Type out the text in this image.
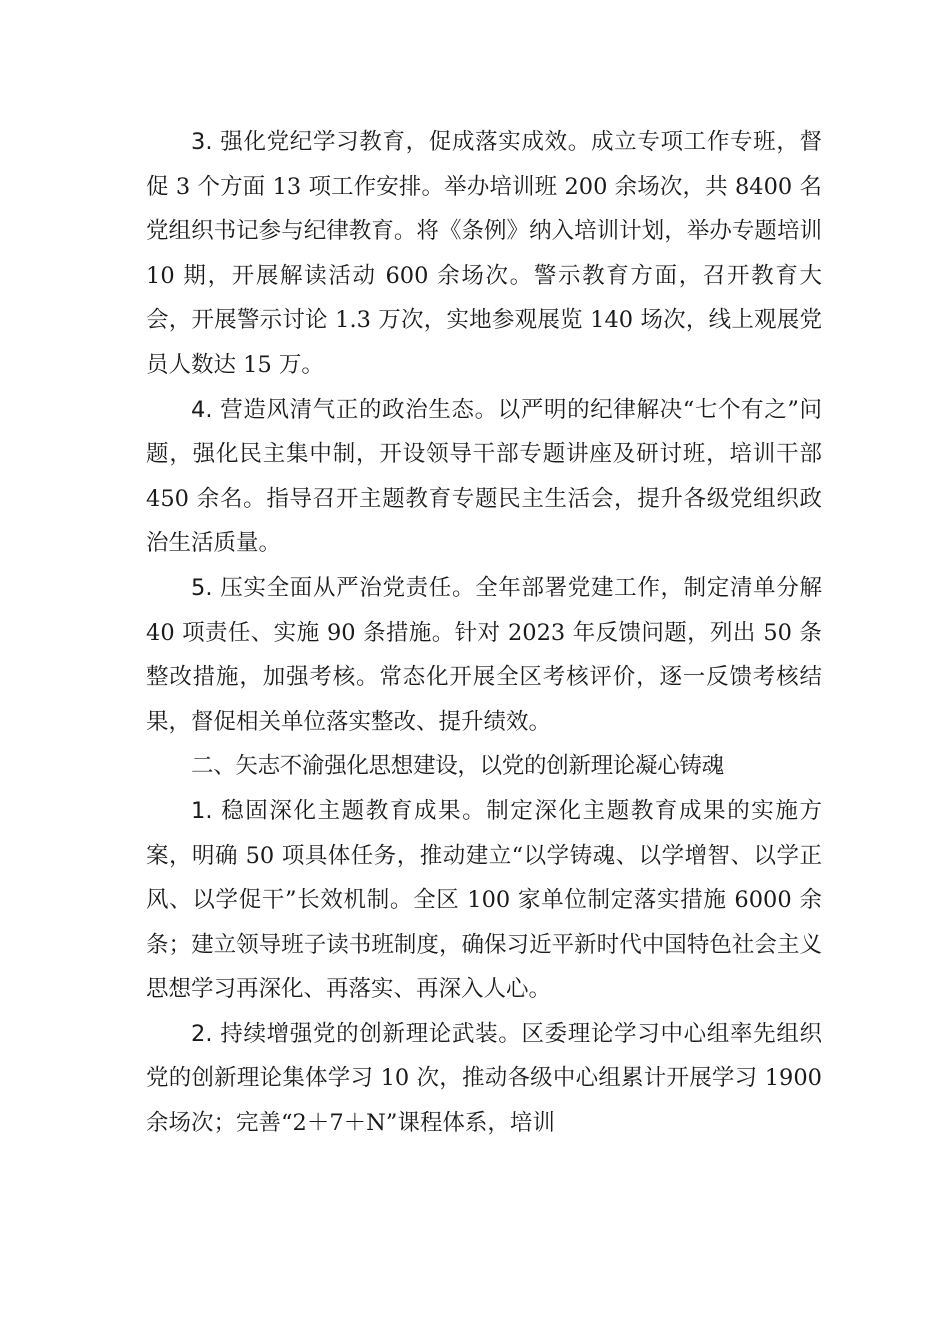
3. 强化党纪学习教育，促成落实成效。成立专项工作专班，督促 3 个方面 13 项工作安排。举办培训班 200 余场次，共 8400 名党组织书记参与纪律教育。将《条例》纳入培训计划，举办专题培训 10 期，开展解读活动 600 余场次。警示教育方面，召开教育大会，开展警示讨论 1.3 万次，实地参观展览 140 场次，线上观展党员人数达 15 万。

4. 营造风清气正的政治生态。以严明的纪律解决“七个有之”问题，强化民主集中制，开设领导干部专题讲座及研讨班，培训干部 450 余名。指导召开主题教育专题民主生活会，提升各级党组织政治生活质量。

5. 压实全面从严治党责任。全年部署党建工作，制定清单分解 40 项责任、实施 90 条措施。针对 2023 年反馈问题，列出 50 条整改措施，加强考核。常态化开展全区考核评价，逐一反馈考核结果，督促相关单位落实整改、提升绩效。

二、矢志不渝强化思想建设，以党的创新理论凝心铸魂

1. 稳固深化主题教育成果。制定深化主题教育成果的实施方案，明确 50 项具体任务，推动建立“以学铸魂、以学增智、以学正风、以学促干”长效机制。全区 100 家单位制定落实措施 6000 余条；建立领导班子读书班制度，确保习近平新时代中国特色社会主义思想学习再深化、再落实、再深入人心。

2. 持续增强党的创新理论武装。区委理论学习中心组率先组织党的创新理论集体学习 10 次，推动各级中心组累计开展学习 1900 余场次；完善“2＋7＋N”课程体系，培训
